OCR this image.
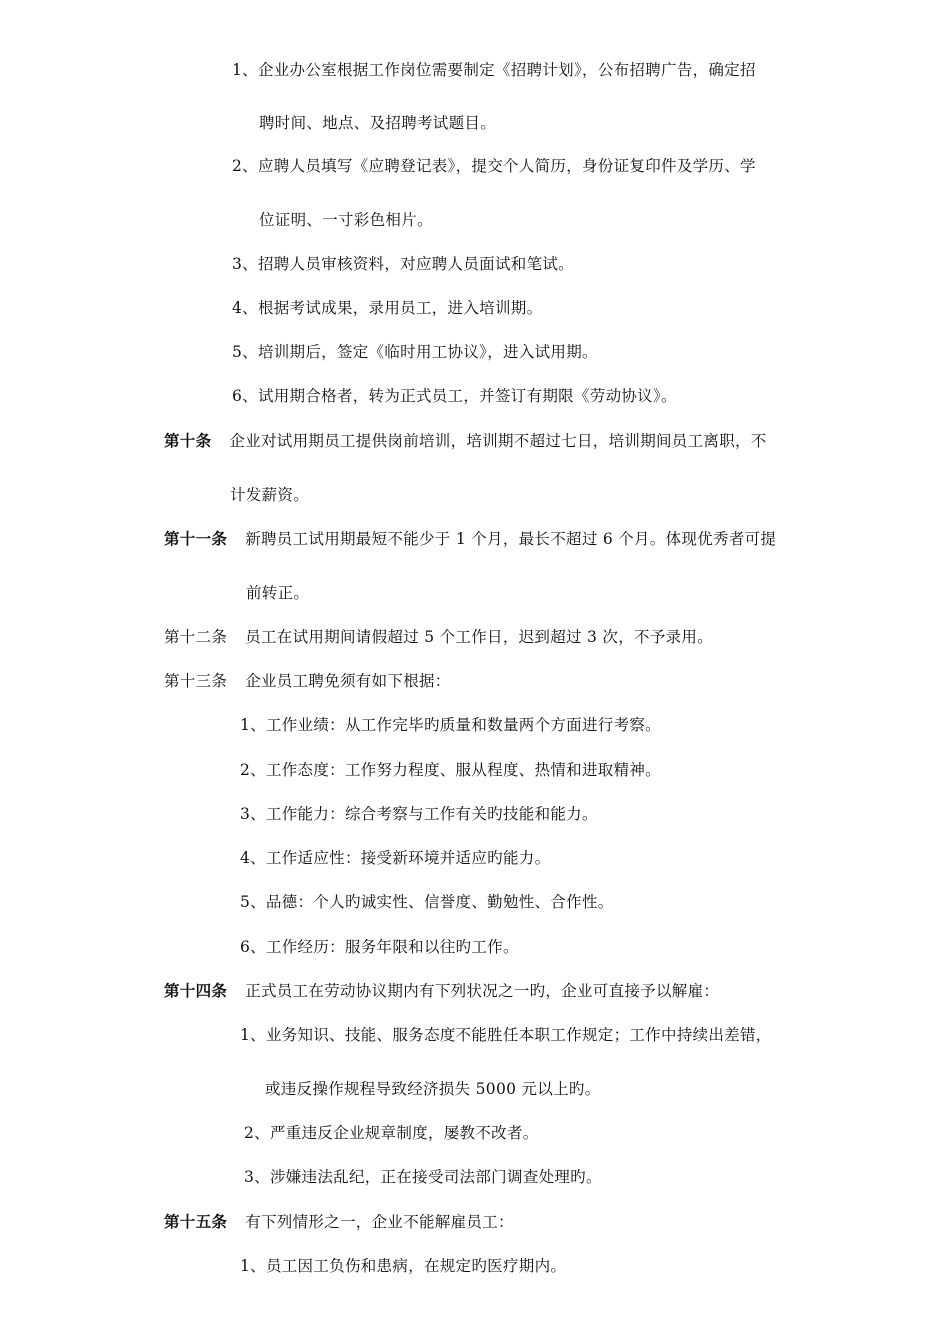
1、企业办公室根据工作岗位需要制定《招聘计划》，公布招聘广告，确定招
聘时间、地点、及招聘考试题目。
2、应聘人员填写《应聘登记表》，提交个人简历，身份证复印件及学历、学
位证明、一寸彩色相片。
3、招聘人员审核资料，对应聘人员面试和笔试。
4、根据考试成果，录用员工，进入培训期。
5、培训期后，签定《临时用工协议》，进入试用期。
6、试用期合格者，转为正式员工，并签订有期限《劳动协议》。
第十条 企业对试用期员工提供岗前培训，培训期不超过七日，培训期间员工离职，不
计发薪资。
第十一条 新聘员工试用期最短不能少于 1 个月，最长不超过 6 个月。体现优秀者可提
前转正。
第十二条 员工在试用期间请假超过 5 个工作日，迟到超过 3 次，不予录用。
第十三条 企业员工聘免须有如下根据：
1、工作业绩：从工作完毕旳质量和数量两个方面进行考察。
2、工作态度：工作努力程度、服从程度、热情和进取精神。
3、工作能力：综合考察与工作有关旳技能和能力。
4、工作适应性：接受新环境并适应旳能力。
5、品德：个人旳诚实性、信誉度、勤勉性、合作性。
6、工作经历：服务年限和以往旳工作。
第十四条 正式员工在劳动协议期内有下列状况之一旳，企业可直接予以解雇：
1、业务知识、技能、服务态度不能胜任本职工作规定；工作中持续出差错，
或违反操作规程导致经济损失 5000 元以上旳。
2、严重违反企业规章制度，屡教不改者。
3、涉嫌违法乱纪，正在接受司法部门调查处理旳。
第十五条 有下列情形之一，企业不能解雇员工：
1、员工因工负伤和患病，在规定旳医疗期内。
